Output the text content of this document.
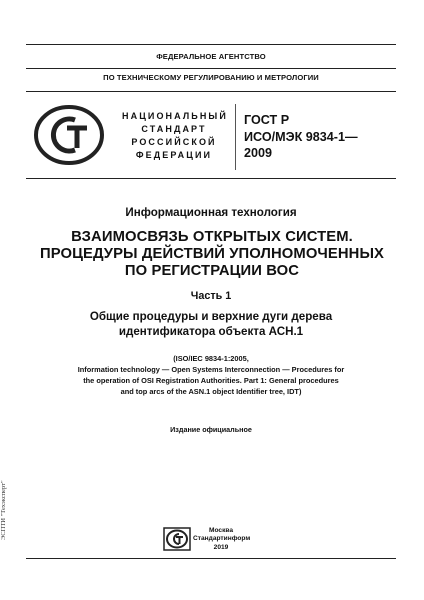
ФЕДЕРАЛЬНОЕ АГЕНТСТВО
ПО ТЕХНИЧЕСКОМУ РЕГУЛИРОВАНИЮ И МЕТРОЛОГИИ
НАЦИОНАЛЬНЫЙ
СТАНДАРТ
РОССИЙСКОЙ
ФЕДЕРАЦИИ
ГОСТ Р
ИСО/МЭК 9834-1—
2009
Информационная технология
ВЗАИМОСВЯЗЬ ОТКРЫТЫХ СИСТЕМ.
ПРОЦЕДУРЫ ДЕЙСТВИЙ УПОЛНОМОЧЕННЫХ
ПО РЕГИСТРАЦИИ ВОС
Часть 1
Общие процедуры и верхние дуги дерева
идентификатора объекта АСН.1
(ISO/IEC 9834-1:2005,
Information technology — Open Systems Interconnection — Procedures for
the operation of OSI Registration Authorities. Part 1: General procedures
and top arcs of the ASN.1 object Identifier tree, IDT)
Издание официальное
Москва
Стандартинформ
2019
ЭСПТИ "Техэксперт"
